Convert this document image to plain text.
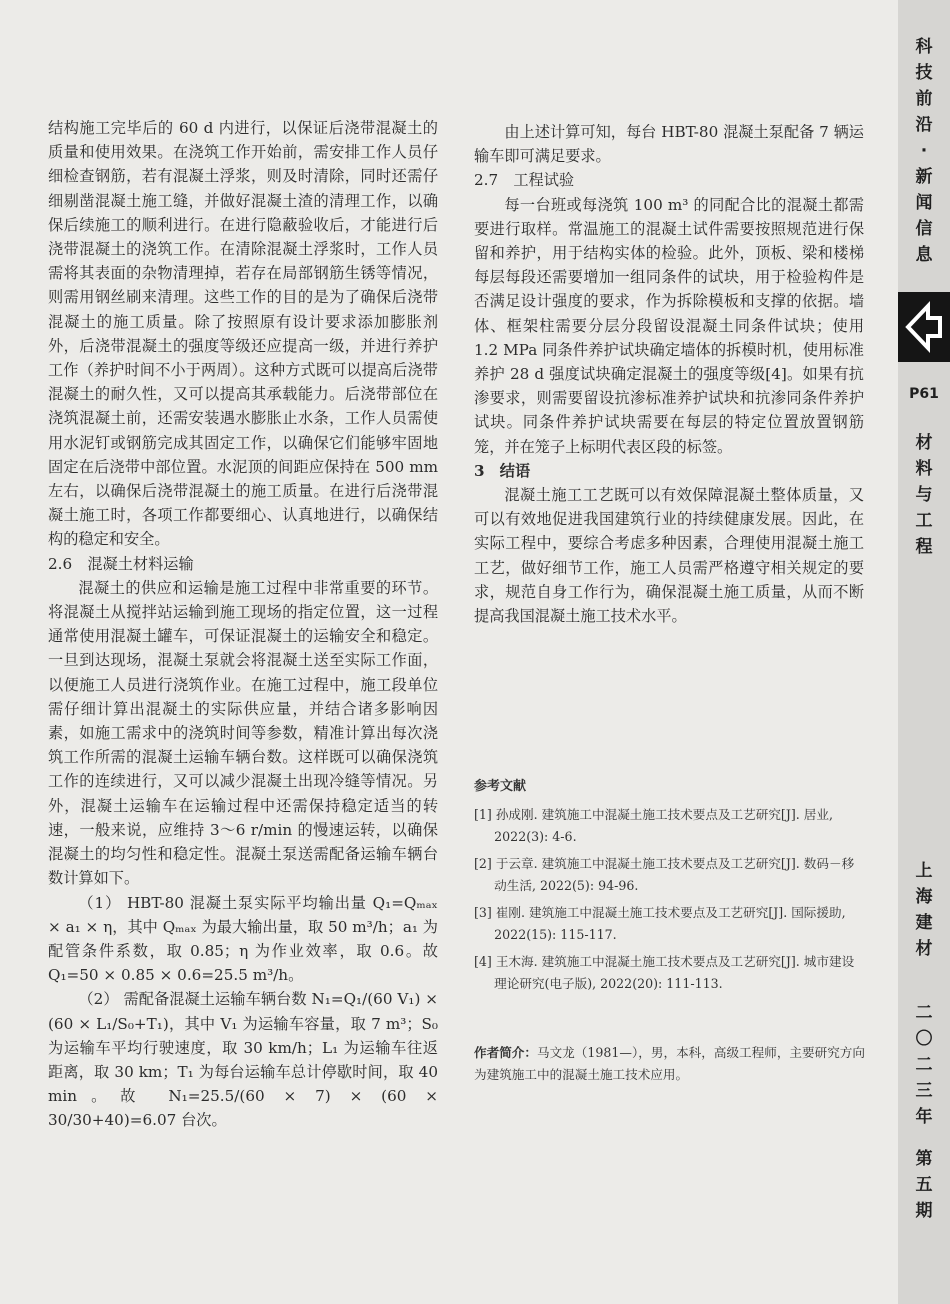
结构施工完毕后的 60 d 内进行，以保证后浇带混凝土的质量和使用效果。在浇筑工作开始前，需安排工作人员仔细检查钢筋，若有混凝土浮浆，则及时清除，同时还需仔细剔凿混凝土施工缝，并做好混凝土渣的清理工作，以确保后续施工的顺利进行。在进行隐蔽验收后，才能进行后浇带混凝土的浇筑工作。在清除混凝土浮浆时，工作人员需将其表面的杂物清理掉，若存在局部钢筋生锈等情况，则需用钢丝刷来清理。这些工作的目的是为了确保后浇带混凝土的施工质量。除了按照原有设计要求添加膨胀剂外，后浇带混凝土的强度等级还应提高一级，并进行养护工作（养护时间不小于两周）。这种方式既可以提高后浇带混凝土的耐久性，又可以提高其承载能力。后浇带部位在浇筑混凝土前，还需安装遇水膨胀止水条，工作人员需使用水泥钉或钢筋完成其固定工作，以确保它们能够牢固地固定在后浇带中部位置。水泥顶的间距应保持在 500 mm 左右，以确保后浇带混凝土的施工质量。在进行后浇带混凝土施工时，各项工作都要细心、认真地进行，以确保结构的稳定和安全。

2.6　混凝土材料运输

混凝土的供应和运输是施工过程中非常重要的环节。将混凝土从搅拌站运输到施工现场的指定位置，这一过程通常使用混凝土罐车，可保证混凝土的运输安全和稳定。一旦到达现场，混凝土泵就会将混凝土送至实际工作面，以便施工人员进行浇筑作业。在施工过程中，施工段单位需仔细计算出混凝土的实际供应量，并结合诸多影响因素，如施工需求中的浇筑时间等参数，精准计算出每次浇筑工作所需的混凝土运输车辆台数。这样既可以确保浇筑工作的连续进行，又可以减少混凝土出现冷缝等情况。另外，混凝土运输车在运输过程中还需保持稳定适当的转速，一般来说，应维持 3～6 r/min 的慢速运转，以确保混凝土的均匀性和稳定性。混凝土泵送需配备运输车辆台数计算如下。

（1） HBT-80 混凝土泵实际平均输出量 Q₁=Qₘₐₓ × a₁ × η，其中 Qₘₐₓ 为最大输出量，取 50 m³/h；a₁ 为配管条件系数，取 0.85；η 为作业效率，取 0.6。故 Q₁=50 × 0.85 × 0.6=25.5 m³/h。

（2） 需配备混凝土运输车辆台数 N₁=Q₁/(60 V₁) × (60 × L₁/S₀+T₁)，其中 V₁ 为运输车容量，取 7 m³；S₀ 为运输车平均行驶速度，取 30 km/h；L₁ 为运输车往返距离，取 30 km；T₁ 为每台运输车总计停歇时间，取 40 min。故 N₁=25.5/(60 × 7) × (60 × 30/30+40)=6.07 台次。

由上述计算可知，每台 HBT-80 混凝土泵配备 7 辆运输车即可满足要求。

2.7　工程试验

每一台班或每浇筑 100 m³ 的同配合比的混凝土都需要进行取样。常温施工的混凝土试件需要按照规范进行保留和养护，用于结构实体的检验。此外，顶板、梁和楼梯每层每段还需要增加一组同条件的试块，用于检验构件是否满足设计强度的要求，作为拆除模板和支撑的依据。墙体、框架柱需要分层分段留设混凝土同条件试块；使用 1.2 MPa 同条件养护试块确定墙体的拆模时机，使用标准养护 28 d 强度试块确定混凝土的强度等级[4]。如果有抗渗要求，则需要留设抗渗标准养护试块和抗渗同条件养护试块。同条件养护试块需要在每层的特定位置放置钢筋笼，并在笼子上标明代表区段的标签。

3　结语

混凝土施工工艺既可以有效保障混凝土整体质量，又可以有效地促进我国建筑行业的持续健康发展。因此，在实际工程中，要综合考虑多种因素，合理使用混凝土施工工艺，做好细节工作，施工人员需严格遵守相关规定的要求，规范自身工作行为，确保混凝土施工质量，从而不断提高我国混凝土施工技术水平。

参考文献
[1] 孙成刚. 建筑施工中混凝土施工技术要点及工艺研究[J]. 居业, 2022(3): 4-6.
[2] 于云章. 建筑施工中混凝土施工技术要点及工艺研究[J]. 数码－移动生活, 2022(5): 94-96.
[3] 崔刚. 建筑施工中混凝土施工技术要点及工艺研究[J]. 国际援助, 2022(15): 115-117.
[4] 王木海. 建筑施工中混凝土施工技术要点及工艺研究[J]. 城市建设理论研究(电子版), 2022(20): 111-113.
作者简介：马文龙（1981—），男，本科，高级工程师，主要研究方向为建筑施工中的混凝土施工技术应用。
科技前沿·新闻信息
P61
材料与工程
上海建材
二〇二三年
第五期
